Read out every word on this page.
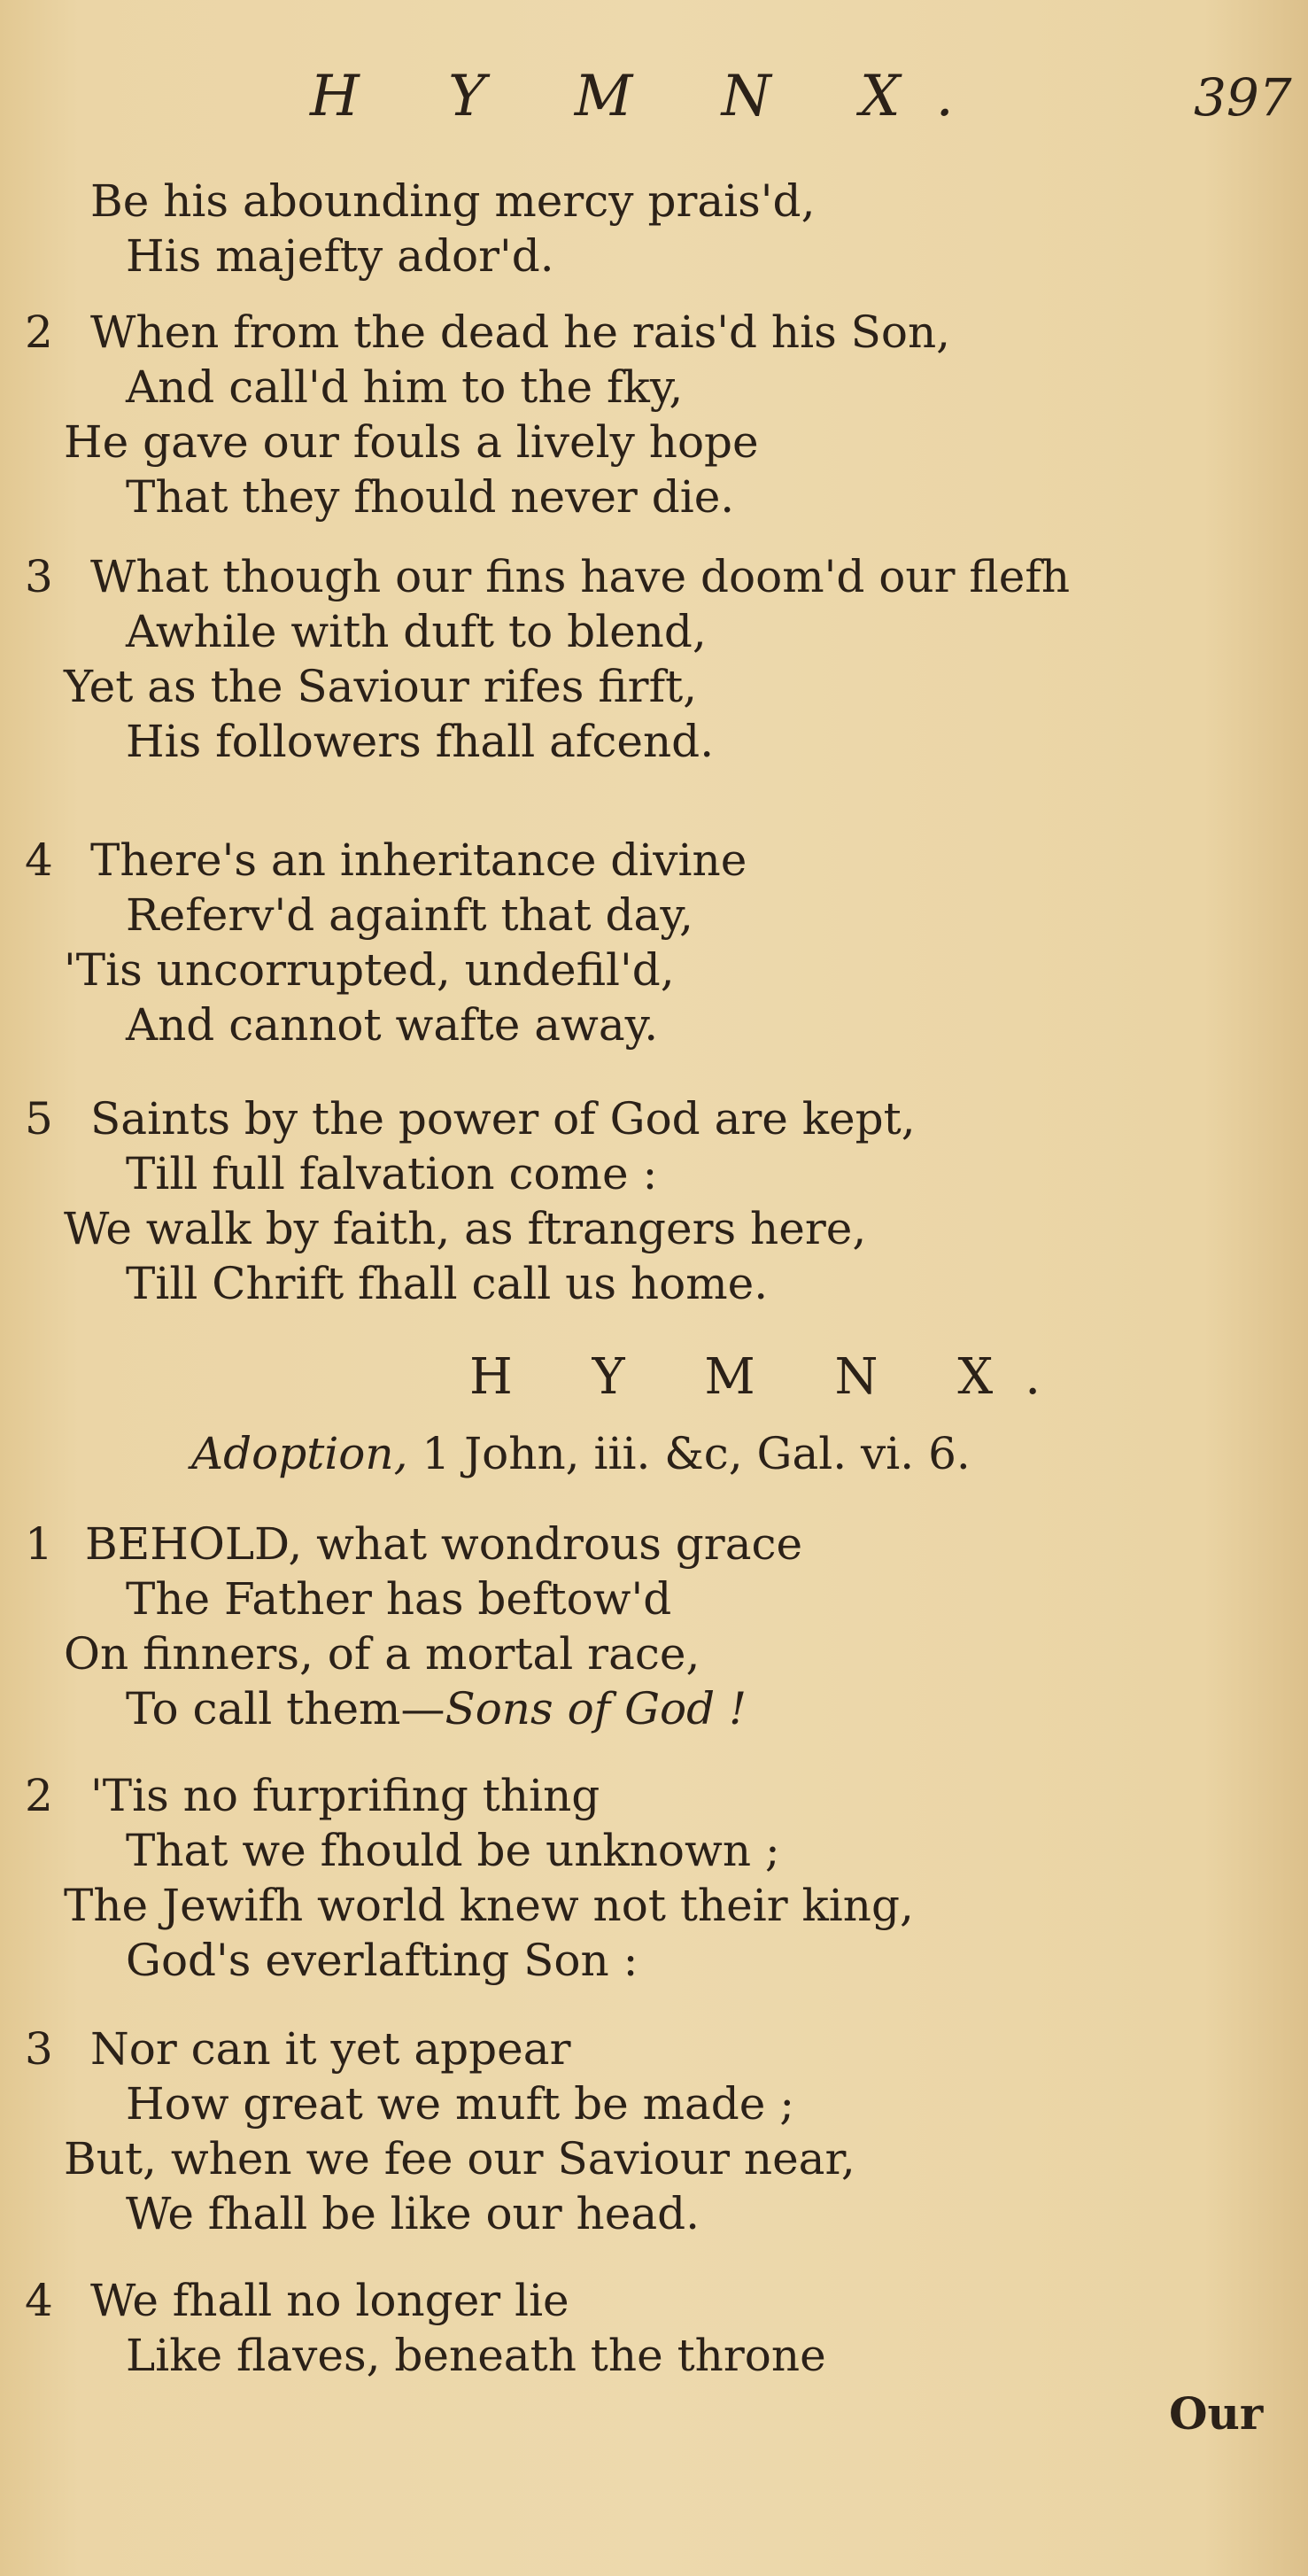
H Y M N X.	397
Be his abounding mercy prais'd,
His majefty ador'd.
2 When from the dead he rais'd his Son,
And call'd him to the fky,
He gave our fouls a lively hope
That they fhould never die.
3 What though our fins have doom'd our flefh
Awhile with duft to blend,
Yet as the Saviour rifes firft,
His followers fhall afcend.
4 There's an inheritance divine
Referv'd againft that day,
'Tis uncorrupted, undefil'd,
And cannot wafte away.
5 Saints by the power of God are kept,
Till full falvation come :
We walk by faith, as ftrangers here,
Till Chrift fhall call us home.
H Y M N X.
Adoption, 1 John, iii. &c, Gal. vi. 6.
1 BEHOLD, what wondrous grace
The Father has beftow'd
On finners, of a mortal race,
To call them—Sons of God !
2 'Tis no furprifing thing
That we fhould be unknown ;
The Jewifh world knew not their king,
God's everlafting Son :
3 Nor can it yet appear
How great we muft be made ;
But, when we fee our Saviour near,
We fhall be like our head.
4 We fhall no longer lie
Like flaves, beneath the throne
Our
